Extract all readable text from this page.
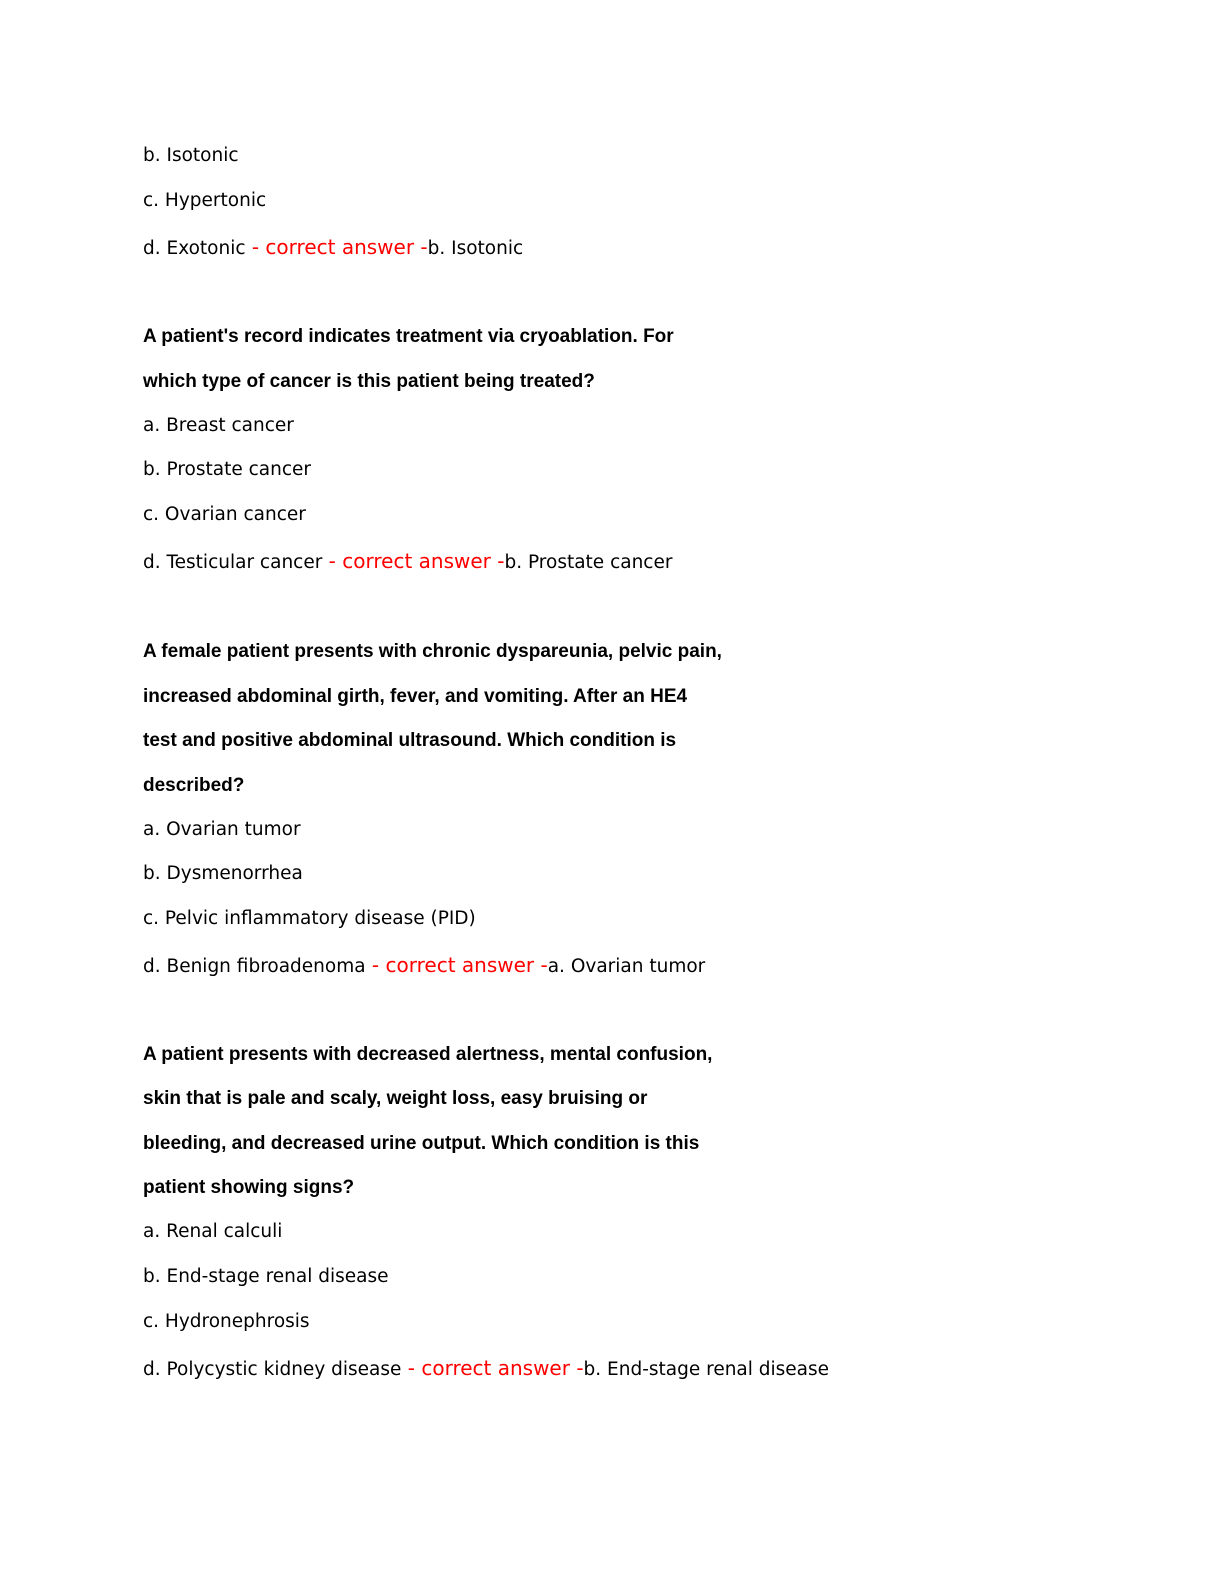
b. Isotonic
c. Hypertonic
d. Exotonic - correct answer -b. Isotonic
A patient's record indicates treatment via cryoablation. For
which type of cancer is this patient being treated?
a. Breast cancer
b. Prostate cancer
c. Ovarian cancer
d. Testicular cancer - correct answer -b. Prostate cancer
A female patient presents with chronic dyspareunia, pelvic pain,
increased abdominal girth, fever, and vomiting. After an HE4
test and positive abdominal ultrasound. Which condition is
described?
a. Ovarian tumor
b. Dysmenorrhea
c. Pelvic inflammatory disease (PID)
d. Benign fibroadenoma - correct answer -a. Ovarian tumor
A patient presents with decreased alertness, mental confusion,
skin that is pale and scaly, weight loss, easy bruising or
bleeding, and decreased urine output. Which condition is this
patient showing signs?
a. Renal calculi
b. End-stage renal disease
c. Hydronephrosis
d. Polycystic kidney disease - correct answer -b. End-stage renal disease
